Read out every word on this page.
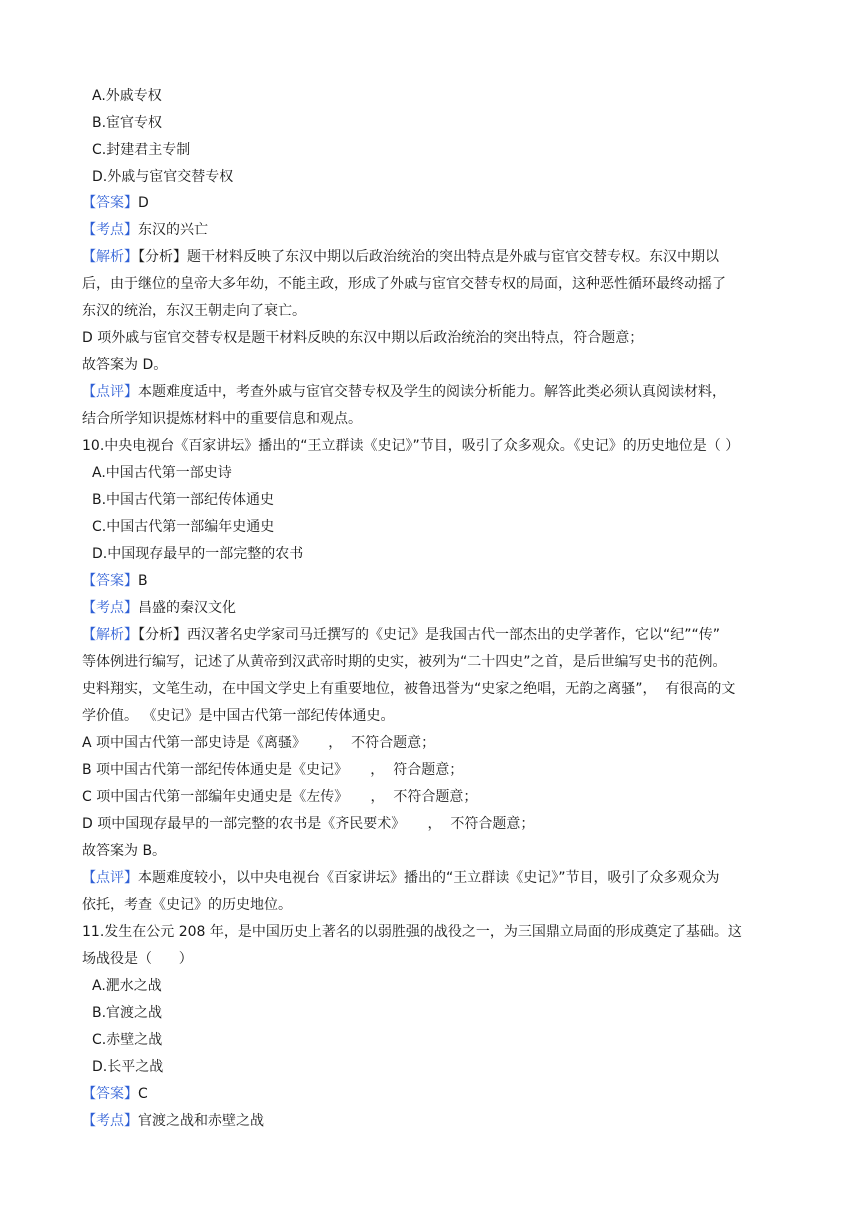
A.外戚专权
B.宦官专权
C.封建君主专制
D.外戚与宦官交替专权
【答案】D
【考点】东汉的兴亡
【解析】【分析】题干材料反映了东汉中期以后政治统治的突出特点是外戚与宦官交替专权。东汉中期以
后，由于继位的皇帝大多年幼，不能主政，形成了外戚与宦官交替专权的局面，这种恶性循环最终动摇了
东汉的统治，东汉王朝走向了衰亡。
D 项外戚与宦官交替专权是题干材料反映的东汉中期以后政治统治的突出特点，符合题意；
故答案为 D。
【点评】本题难度适中，考查外戚与宦官交替专权及学生的阅读分析能力。解答此类必须认真阅读材料，
结合所学知识提炼材料中的重要信息和观点。
10.中央电视台《百家讲坛》播出的“王立群读《史记》”节目，吸引了众多观众。《史记》的历史地位是（ ）
A.中国古代第一部史诗
B.中国古代第一部纪传体通史
C.中国古代第一部编年史通史
D.中国现存最早的一部完整的农书
【答案】B
【考点】昌盛的秦汉文化
【解析】【分析】西汉著名史学家司马迁撰写的《史记》是我国古代一部杰出的史学著作，它以“纪”“传”
等体例进行编写，记述了从黄帝到汉武帝时期的史实，被列为“二十四史”之首，是后世编写史书的范例。
史料翔实，文笔生动，在中国文学史上有重要地位，被鲁迅誉为“史家之绝唱，无韵之离骚”，  有很高的文
学价值。 《史记》是中国古代第一部纪传体通史。
A 项中国古代第一部史诗是《离骚》     ，  不符合题意；
B 项中国古代第一部纪传体通史是《史记》     ，  符合题意；
C 项中国古代第一部编年史通史是《左传》     ，  不符合题意；
D 项中国现存最早的一部完整的农书是《齐民要术》     ，  不符合题意；
故答案为 B。
【点评】本题难度较小，以中央电视台《百家讲坛》播出的“王立群读《史记》”节目，吸引了众多观众为
依托，考查《史记》的历史地位。
11.发生在公元 208 年，是中国历史上著名的以弱胜强的战役之一，为三国鼎立局面的形成奠定了基础。这
场战役是（      ）
A.淝水之战
B.官渡之战
C.赤壁之战
D.长平之战
【答案】C
【考点】官渡之战和赤壁之战
